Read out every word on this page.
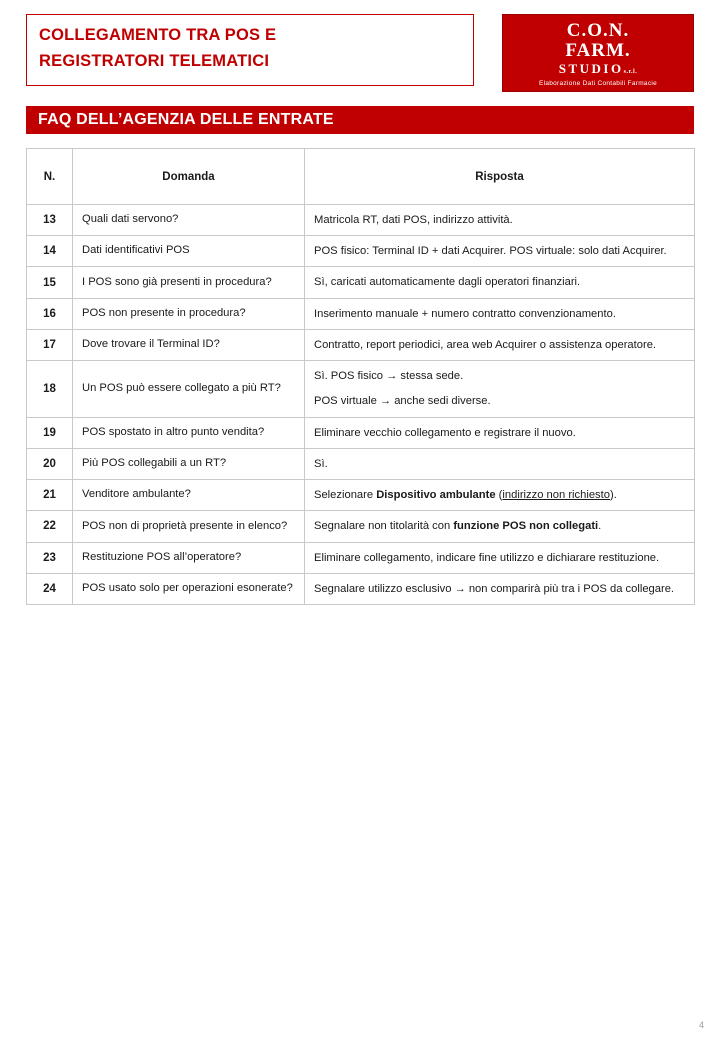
COLLEGAMENTO TRA POS E
REGISTRATORI TELEMATICI
C.O.N.
FARM.
STUDIOs.r.l.
Elaborazione Dati Contabili Farmacie
FAQ DELL’AGENZIA DELLE ENTRATE
N.	Domanda	Risposta
13	Quali dati servono?	Matricola RT, dati POS, indirizzo attività.

14	Dati identificativi POS	POS fisico: Terminal ID + dati Acquirer. POS virtuale: solo dati Acquirer.

15	I POS sono già presenti in procedura?	Sì, caricati automaticamente dagli operatori finanziari.

16	POS non presente in procedura?	Inserimento manuale + numero contratto convenzionamento.

17	Dove trovare il Terminal ID?	Contratto, report periodici, area web Acquirer o assistenza operatore.

18	Un POS può essere collegato a più RT?	Sì. POS fisico → stessa sede.

POS virtuale → anche sedi diverse.

19	POS spostato in altro punto vendita?	Eliminare vecchio collegamento e registrare il nuovo.

20	Più POS collegabili a un RT?	Sì.

21	Venditore ambulante?	Selezionare Dispositivo ambulante (indirizzo non richiesto).

22	POS non di proprietà presente in elenco?	Segnalare non titolarità con funzione POS non collegati.

23	Restituzione POS all’operatore?	Eliminare collegamento, indicare fine utilizzo e dichiarare restituzione.

24	POS usato solo per operazioni esonerate?	Segnalare utilizzo esclusivo → non comparirà più tra i POS da collegare.

4
